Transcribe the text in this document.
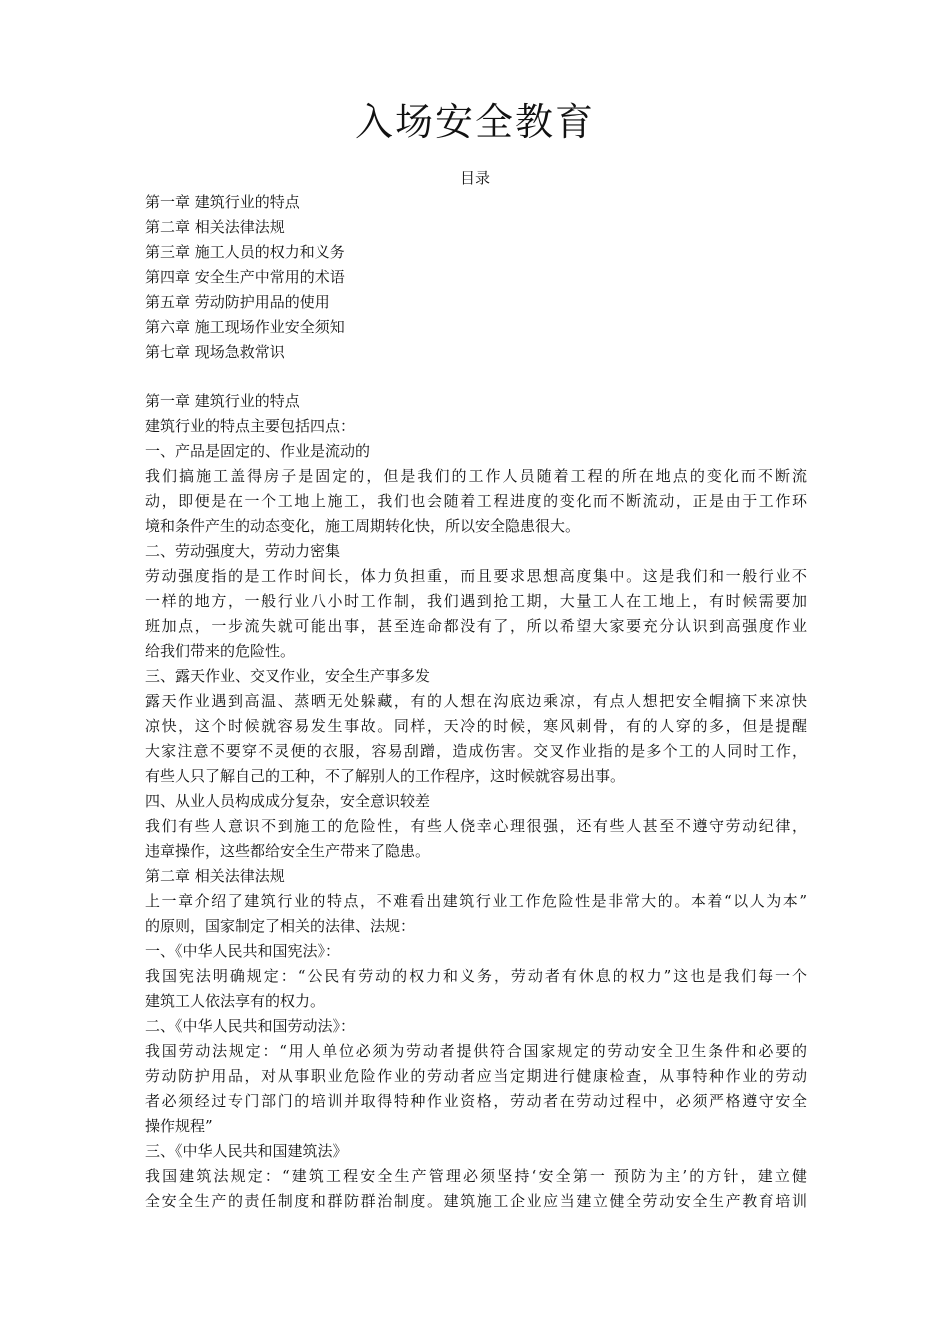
入场安全教育
目录
第一章 建筑行业的特点
第二章 相关法律法规
第三章 施工人员的权力和义务
第四章 安全生产中常用的术语
第五章 劳动防护用品的使用
第六章 施工现场作业安全须知
第七章 现场急救常识
第一章 建筑行业的特点
建筑行业的特点主要包括四点：
一、产品是固定的、作业是流动的
我们搞施工盖得房子是固定的，但是我们的工作人员随着工程的所在地点的变化而不断流
动，即便是在一个工地上施工，我们也会随着工程进度的变化而不断流动，正是由于工作环
境和条件产生的动态变化，施工周期转化快，所以安全隐患很大。
二、劳动强度大，劳动力密集
劳动强度指的是工作时间长，体力负担重，而且要求思想高度集中。这是我们和一般行业不
一样的地方，一般行业八小时工作制，我们遇到抢工期，大量工人在工地上，有时候需要加
班加点，一步流失就可能出事，甚至连命都没有了，所以希望大家要充分认识到高强度作业
给我们带来的危险性。
三、露天作业、交叉作业，安全生产事多发
露天作业遇到高温、蒸晒无处躲藏，有的人想在沟底边乘凉，有点人想把安全帽摘下来凉快
凉快，这个时候就容易发生事故。同样，天冷的时候，寒风刺骨，有的人穿的多，但是提醒
大家注意不要穿不灵便的衣服，容易刮蹭，造成伤害。交叉作业指的是多个工的人同时工作，
有些人只了解自己的工种，不了解别人的工作程序，这时候就容易出事。
四、从业人员构成成分复杂，安全意识较差
我们有些人意识不到施工的危险性，有些人侥幸心理很强，还有些人甚至不遵守劳动纪律，
违章操作，这些都给安全生产带来了隐患。
第二章 相关法律法规
上一章介绍了建筑行业的特点，不难看出建筑行业工作危险性是非常大的。本着“以人为本”
的原则，国家制定了相关的法律、法规：
一、《中华人民共和国宪法》：
我国宪法明确规定：“公民有劳动的权力和义务，劳动者有休息的权力”这也是我们每一个
建筑工人依法享有的权力。
二、《中华人民共和国劳动法》：
我国劳动法规定：“用人单位必须为劳动者提供符合国家规定的劳动安全卫生条件和必要的
劳动防护用品，对从事职业危险作业的劳动者应当定期进行健康检查，从事特种作业的劳动
者必须经过专门部门的培训并取得特种作业资格，劳动者在劳动过程中，必须严格遵守安全
操作规程”
三、《中华人民共和国建筑法》
我国建筑法规定：“建筑工程安全生产管理必须坚持‘安全第一 预防为主’的方针，建立健
全安全生产的责任制度和群防群治制度。建筑施工企业应当建立健全劳动安全生产教育培训
